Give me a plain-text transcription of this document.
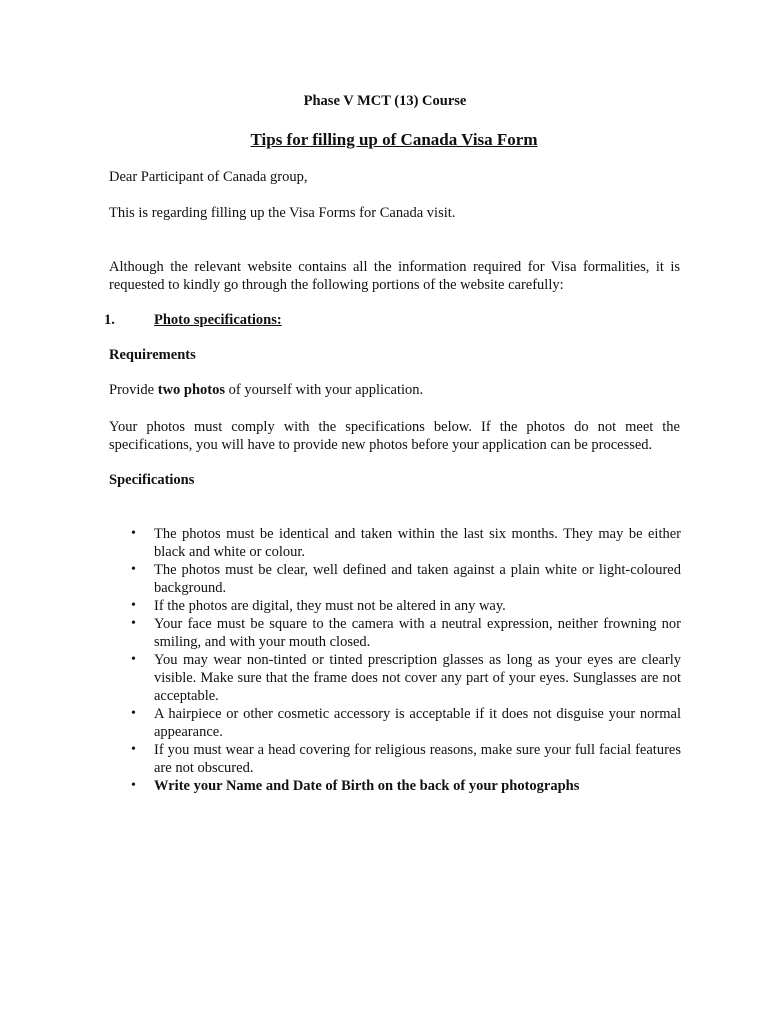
Phase V MCT (13) Course
Tips for filling up of Canada Visa Form
Dear Participant of Canada group,
This is regarding filling up the Visa Forms for Canada visit.
Although the relevant website contains all the information required for Visa formalities, it is requested to kindly go through the following portions of the website carefully:
1.	Photo specifications:
Requirements
Provide two photos of yourself with your application.
Your photos must comply with the specifications below. If the photos do not meet the specifications, you will have to provide new photos before your application can be processed.
Specifications
• The photos must be identical and taken within the last six months. They may be either black and white or colour.
• The photos must be clear, well defined and taken against a plain white or light-coloured background.
• If the photos are digital, they must not be altered in any way.
• Your face must be square to the camera with a neutral expression, neither frowning nor smiling, and with your mouth closed.
• You may wear non-tinted or tinted prescription glasses as long as your eyes are clearly visible. Make sure that the frame does not cover any part of your eyes. Sunglasses are not acceptable.
• A hairpiece or other cosmetic accessory is acceptable if it does not disguise your normal appearance.
• If you must wear a head covering for religious reasons, make sure your full facial features are not obscured.
• Write your Name and Date of Birth on the back of your photographs
